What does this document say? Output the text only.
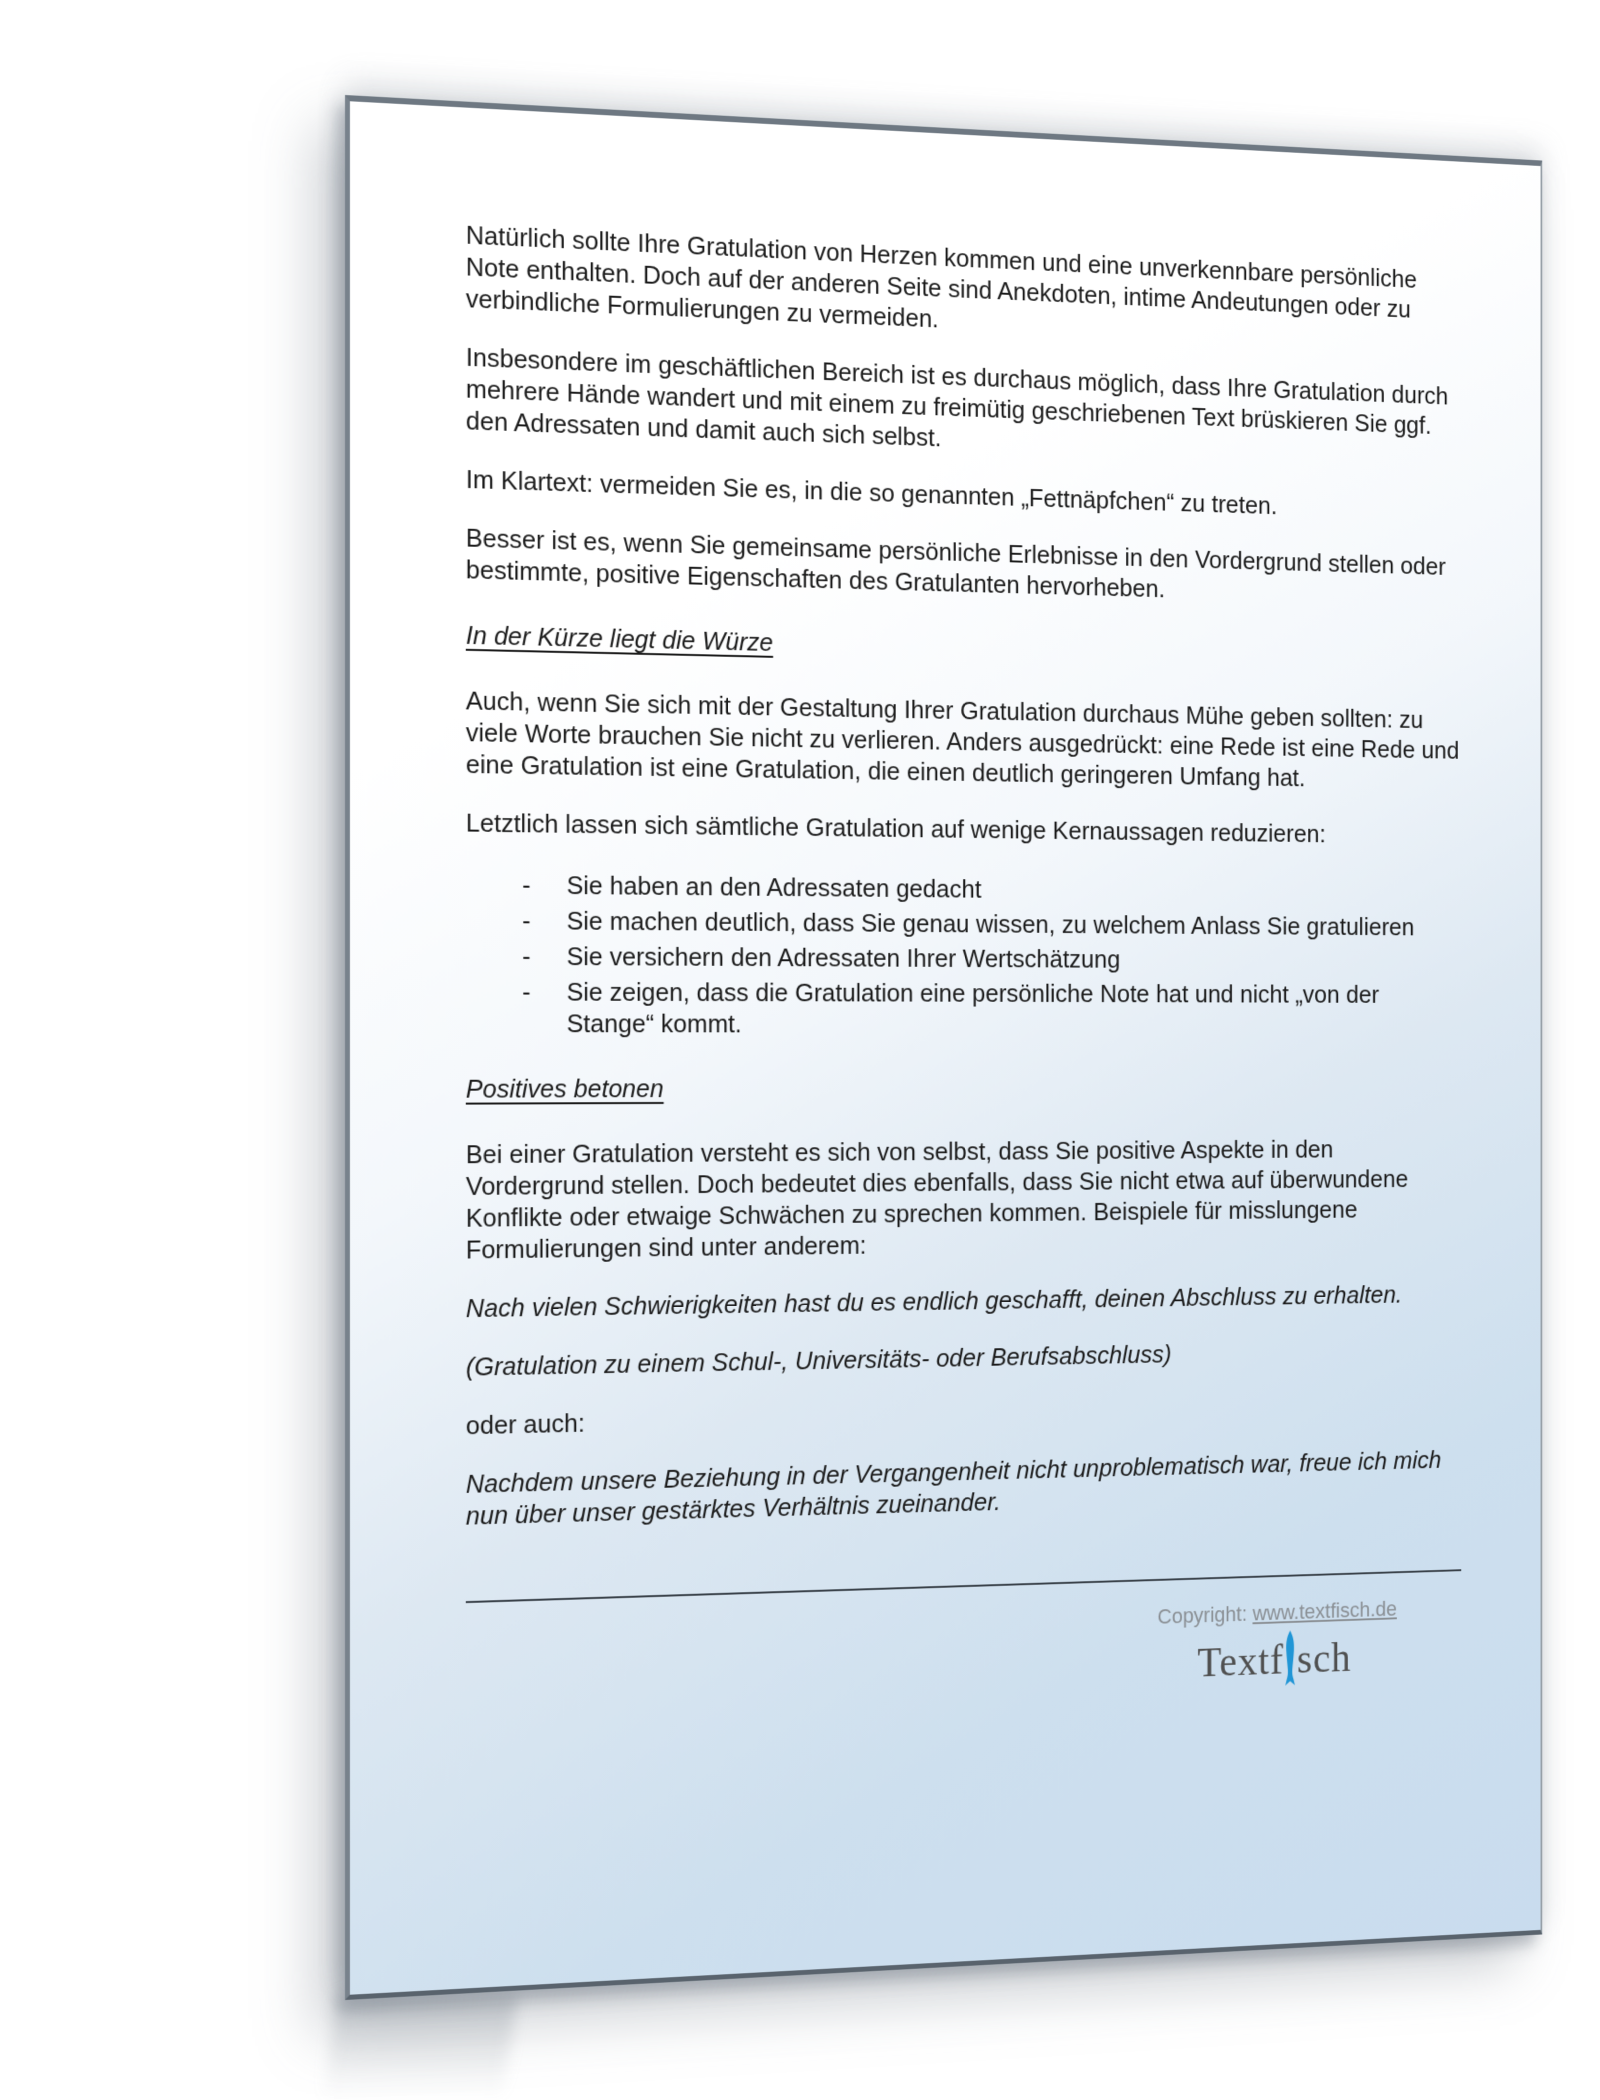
Natürlich sollte Ihre Gratulation von Herzen kommen und eine unverkennbare persönliche Note enthalten. Doch auf der anderen Seite sind Anekdoten, intime Andeutungen oder zu verbindliche Formulierungen zu vermeiden.

Insbesondere im geschäftlichen Bereich ist es durchaus möglich, dass Ihre Gratulation durch mehrere Hände wandert und mit einem zu freimütig geschriebenen Text brüskieren Sie ggf. den Adressaten und damit auch sich selbst.

Im Klartext: vermeiden Sie es, in die so genannten „Fettnäpfchen“ zu treten.

Besser ist es, wenn Sie gemeinsame persönliche Erlebnisse in den Vordergrund stellen oder bestimmte, positive Eigenschaften des Gratulanten hervorheben.

In der Kürze liegt die Würze

Auch, wenn Sie sich mit der Gestaltung Ihrer Gratulation durchaus Mühe geben sollten: zu viele Worte brauchen Sie nicht zu verlieren. Anders ausgedrückt: eine Rede ist eine Rede und eine Gratulation ist eine Gratulation, die einen deutlich geringeren Umfang hat.

Letztlich lassen sich sämtliche Gratulation auf wenige Kernaussagen reduzieren:

-	Sie haben an den Adressaten gedacht
-	Sie machen deutlich, dass Sie genau wissen, zu welchem Anlass Sie gratulieren
-	Sie versichern den Adressaten Ihrer Wertschätzung
-	Sie zeigen, dass die Gratulation eine persönliche Note hat und nicht „von der Stange“ kommt.

Positives betonen

Bei einer Gratulation versteht es sich von selbst, dass Sie positive Aspekte in den Vordergrund stellen. Doch bedeutet dies ebenfalls, dass Sie nicht etwa auf überwundene Konflikte oder etwaige Schwächen zu sprechen kommen. Beispiele für misslungene Formulierungen sind unter anderem:

Nach vielen Schwierigkeiten hast du es endlich geschafft, deinen Abschluss zu erhalten.

(Gratulation zu einem Schul-, Universitäts- oder Berufsabschluss)

oder auch:

Nachdem unsere Beziehung in der Vergangenheit nicht unproblematisch war, freue ich mich nun über unser gestärktes Verhältnis zueinander.

Copyright: www.textfisch.de
Textf sch
